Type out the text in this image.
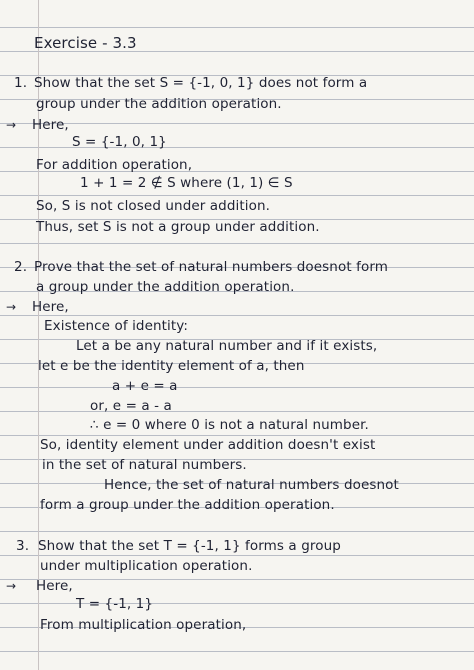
Exercise - 3.3
1. Show that the set S = {-1, 0, 1} does not form a
group under the addition operation.
→ Here,
S = {-1, 0, 1}
For addition operation,
1 + 1 = 2 ∉ S where (1, 1) ∈ S
So, S is not closed under addition.
Thus, set S is not a group under addition.
2. Prove that the set of natural numbers doesnot form
a group under the addition operation.
→ Here,
Existence of identity:
Let a be any natural number and if it exists,
let e be the identity element of a, then
a + e = a
or, e = a - a
∴ e = 0 where 0 is not a natural number.
So, identity element under addition doesn't exist
in the set of natural numbers.
Hence, the set of natural numbers doesnot
form a group under the addition operation.
3. Show that the set T = {-1, 1} forms a group
under multiplication operation.
→ Here,
T = {-1, 1}
From multiplication operation,
